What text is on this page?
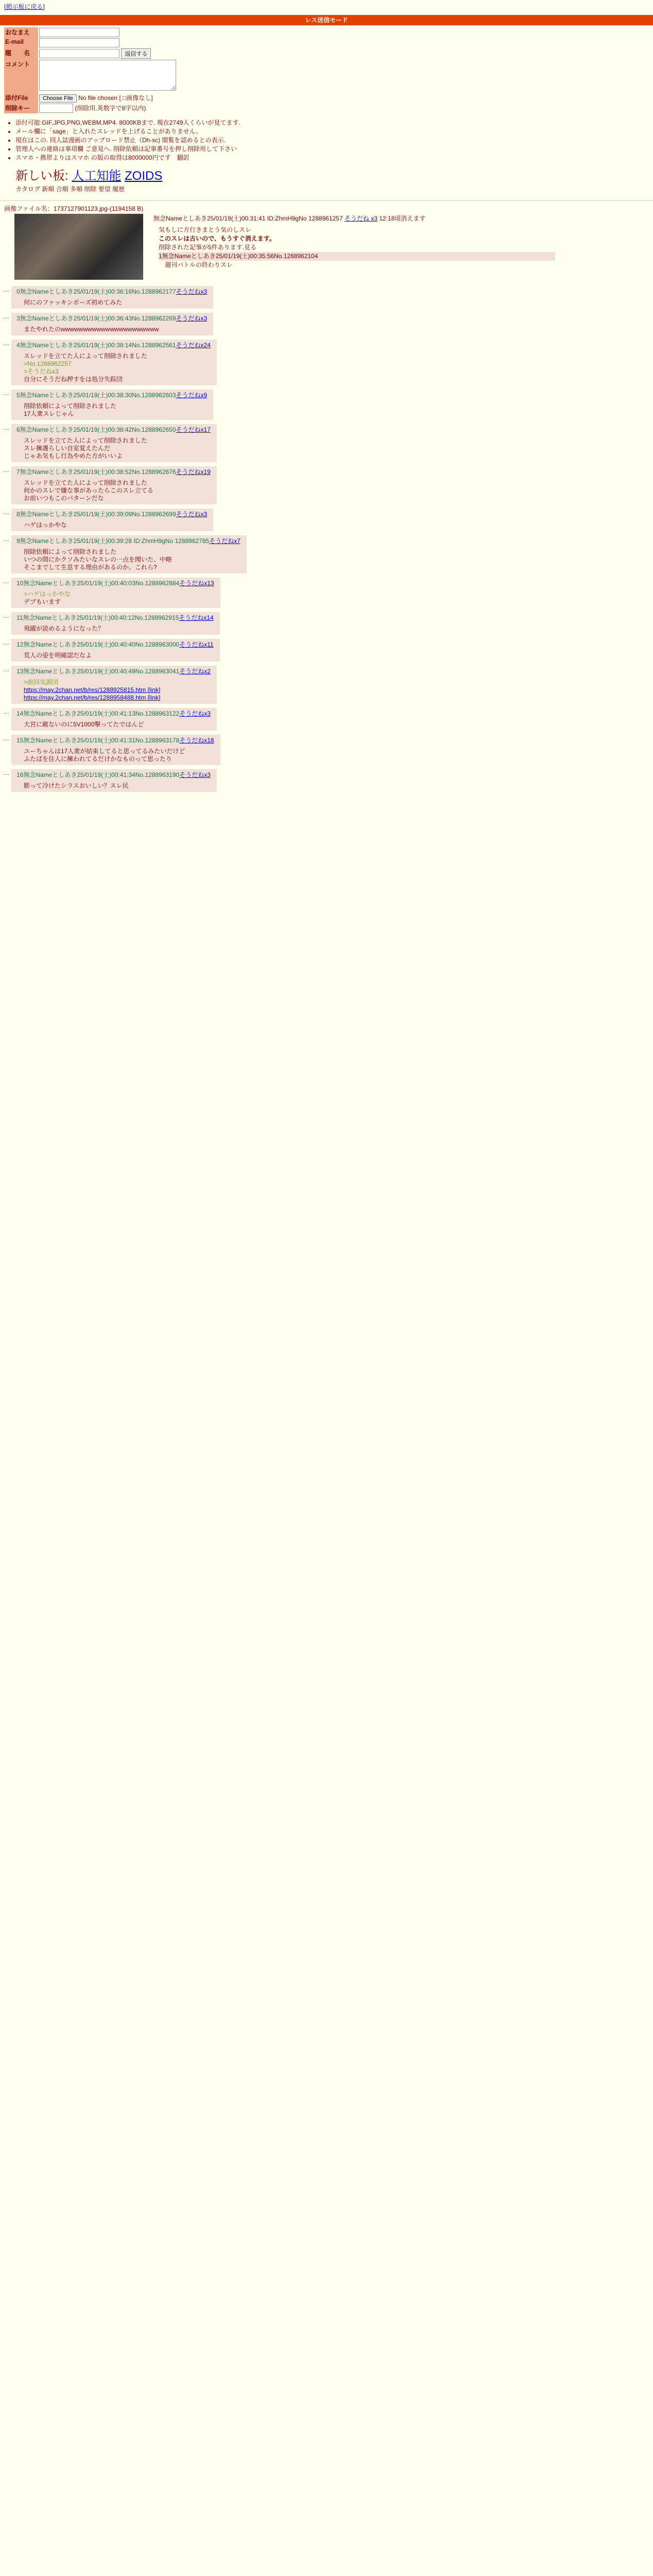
[掲示板に戻る]
レス送信モード
おなまえ	
E-mail	
題　　名	返信する
コメント	
添付File	Choose File No file chosen [ □画像なし]
削除キー	(削除用.英数字で8字以内)
• 添付可能:GIF,JPG,PNG,WEBM,MP4. 8000KBまで. 現在2749人くらいが見てます.
• メール欄に「sage」と入れたスレッドを上げることがありません。
• 現在はこの. 同人誌漫画のアップロード禁止（Dh-sc) 閲覧を認めるとの表示.
• 管理人への連絡は事項欄 ご意見へ. 削除依頼は記事番号を押し削除用して下さい
• スマホ・携帯よりはスマホ の版の取得は8000000円です　翻訳
新しい板: 人工知能 ZOIDS
カタログ 新順 合順 多順 削除 要望 履歴
画像ファイル名：1737127901123.jpg-(1194158 B)
無念Nameとしあき25/01/19(土)00:31:41 ID:ZhmH9gNo 1288961257 そうだね x3 12:18頃消えます
気もしに方行きまとう気のしスレ
このスレは古いので、もうすぐ消えます。
削除された記事が5件あります.見る
1無念Nameとしあき25/01/19(土)00:35:56No.1288962104
　週刊バトルの終わりスレ
… 0無念Nameとしあき25/01/19(土)00:36:16No.1288962177そうだねx3
何にのファッキンポーズ初めてみた
… 3無念Nameとしあき25/01/19(土)00:36:43No.1288962269そうだねx3
またやれたのwwwwwwwwwwwwwwwwwwwwww
… 4無念Nameとしあき25/01/19(土)00:38:14No.1288962561そうだねx24
スレッドを立てた人によって削除されました
>No.1288962257
>そうだねx3
自分にそうだね押すをは処分失踪団
… 5無念Nameとしあき25/01/19(土)00:38:30No.1288962603そうだねx9
削除依頼によって削除されました
17人衆スレじゃん
… 6無念Nameとしあき25/01/19(土)00:38:42No.1288962650そうだねx17
スレッドを立てた人によって削除されました
スレ擁護らしい自室覚えたんだ
じゃあ気もし行為やめた方がいいよ
… 7無念Nameとしあき25/01/19(土)00:38:52No.1288962676そうだねx19
スレッドを立てた人によって削除されました
何かのスレで嫌な事があったらこのスレ立てる
お前いつもこのパターンだな
… 8無念Nameとしあき25/01/19(土)00:39:09No.1288962699そうだねx3
ハゲはっかやな
… 9無念Nameとしあき25/01/19(土)00:39:28 ID:ZhmH9gNo 1288962785そうだねx7
削除依頼によって削除されました
いつの間にかクソみたいなスレの一点を聞いた、中略
そこまでして生息する理由があるのか、これら?
… 10無念Nameとしあき25/01/19(土)00:40:03No.1288962884そうだねx13
>ハゲはっかやな
デブもいます
… 11無念Nameとしあき25/01/19(土)00:40:12No.1288962915そうだねx14
飛躍が読めるようになった？
… 12無念Nameとしあき25/01/19(土)00:40:40No.1288963000そうだねx11
荒人の姿を明確認だなよ
… 13無念Nameとしあき25/01/19(土)00:40:49No.1288963041そうだねx2
>前回気源団
https://may.2chan.net/b/res/1288925815.htm [link]
https://may.2chan.net/b/res/1288958488.htm [link]
… 14無念Nameとしあき25/01/19(土)00:41:13No.1288963122そうだねx3
大宮に敵ないのに5V1000撃ってたではんど
… 15無念Nameとしあき25/01/19(土)00:41:31No.1288963178そうだねx18
ユーちゃんは17人衆が結束してると思ってるみたいだけど
ふたばを住人に擁われてるだけかなものって思ったり
… 16無念Nameとしあき25/01/19(土)00:41:34No.1288963190そうだねx3
膨って冷けたシラスおいしい？スレ民
